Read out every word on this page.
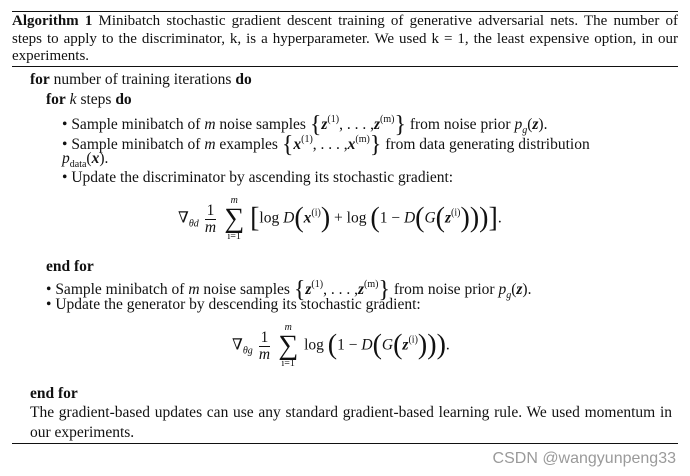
Algorithm 1 Minibatch stochastic gradient descent training of generative adversarial nets. The number of steps to apply to the discriminator, k, is a hyperparameter. We used k = 1, the least expensive option, in our experiments.
for number of training iterations do
for k steps do
• Sample minibatch of m noise samples {$z^{(1)}$, . . . $,z^{(m)}$} from noise prior $p_g(z)$.
• Sample minibatch of m examples {$x^{(1)}$, . . . $,x^{(m)}$} from data generating distribution
$p_{data}(x)$.
• Update the discriminator by ascending its stochastic gradient:
$\nabla_{\theta d} \frac{1}{m}$

m
∑
i=1
[log $D(x^{(i)}) + \log (1 - D(G(z^{(i)})))$].
end for
• Sample minibatch of m noise samples {$z^{(1)}$, . . . $,z^{(m)}$} from noise prior $p_g(z)$.
• Update the generator by descending its stochastic gradient:
$\nabla_{\theta g} \frac{1}{m}$

m
∑
i=1
$\log (1 - D(G(z^{(i)})))$.
end for
The gradient-based updates can use any standard gradient-based learning rule. We used momentum in our experiments.
CSDN @wangyunpeng33
